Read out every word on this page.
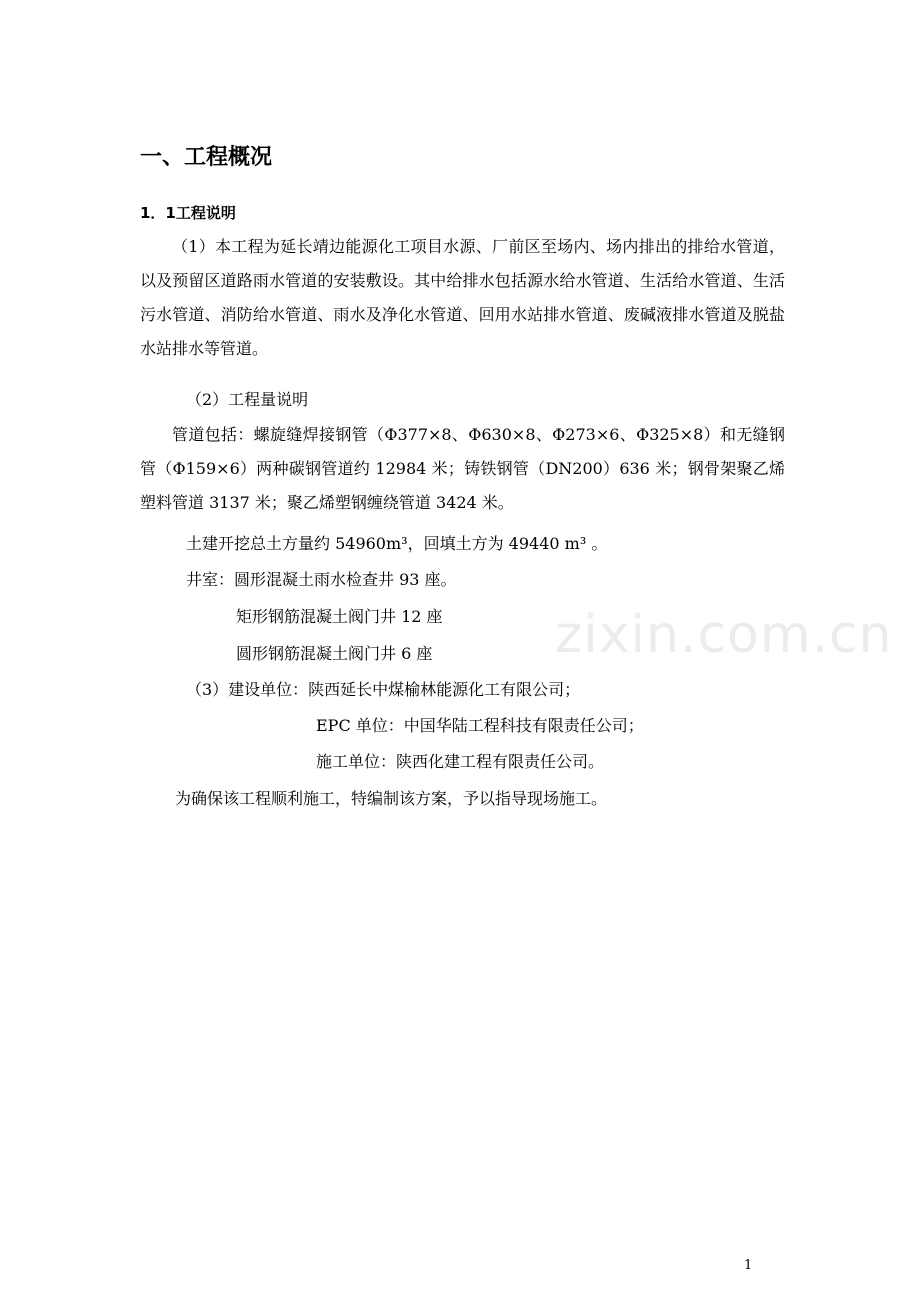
一、工程概况
1．1工程说明
（1）本工程为延长靖边能源化工项目水源、厂前区至场内、场内排出的排给水管道，以及预留区道路雨水管道的安装敷设。其中给排水包括源水给水管道、生活给水管道、生活污水管道、消防给水管道、雨水及净化水管道、回用水站排水管道、废碱液排水管道及脱盐水站排水等管道。
（2）工程量说明
管道包括：螺旋缝焊接钢管（Φ377×8、Φ630×8、Φ273×6、Φ325×8）和无缝钢管（Φ159×6）两种碳钢管道约 12984 米；铸铁钢管（DN200）636 米；钢骨架聚乙烯塑料管道 3137 米；聚乙烯塑钢缠绕管道 3424 米。
土建开挖总土方量约 54960m³，回填土方为 49440 m³ 。
井室：圆形混凝土雨水检查井 93 座。
矩形钢筋混凝土阀门井 12 座
圆形钢筋混凝土阀门井 6 座
（3）建设单位：陕西延长中煤榆林能源化工有限公司；
EPC 单位：中国华陆工程科技有限责任公司；
施工单位：陕西化建工程有限责任公司。
为确保该工程顺利施工，特编制该方案，予以指导现场施工。
zixin.com.cn
1
